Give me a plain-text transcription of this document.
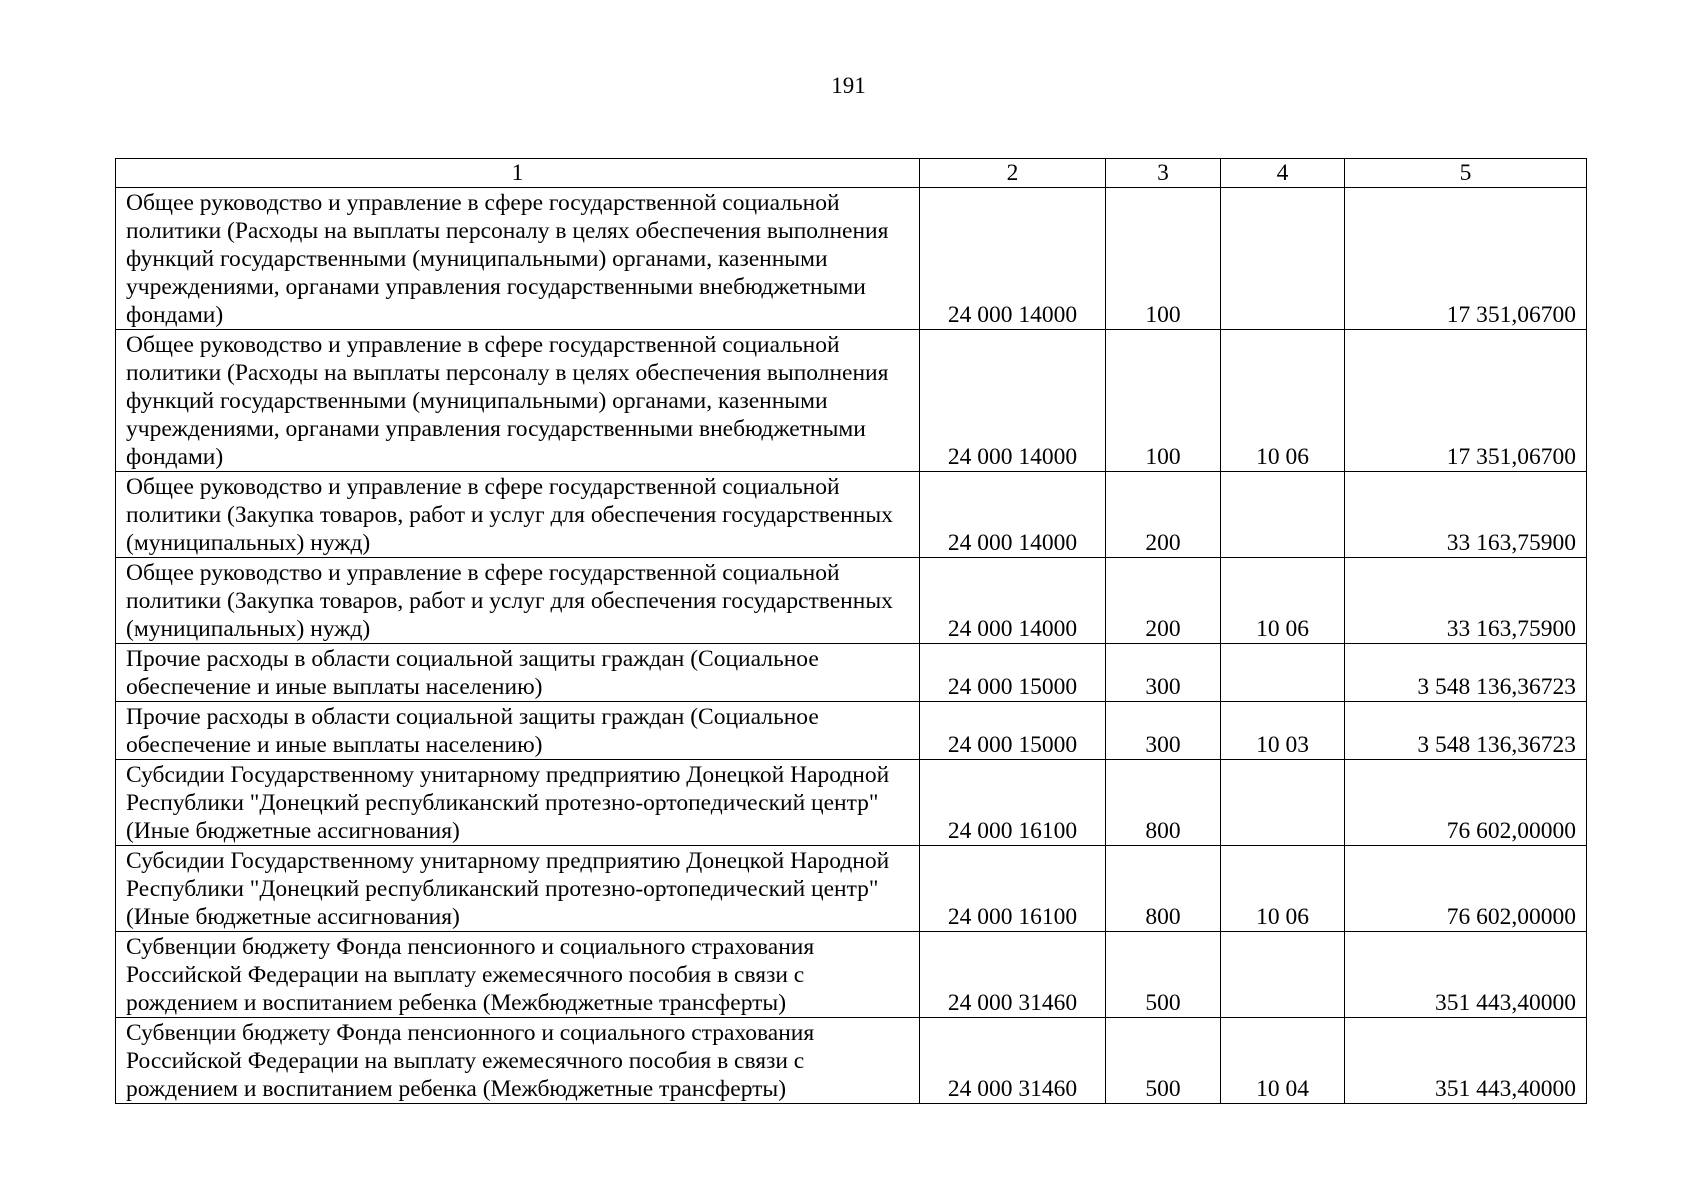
191
1	2	3	4	5
Общее руководство и управление в сфере государственной социальной политики (Расходы на выплаты персоналу в целях обеспечения выполнения функций государственными (муниципальными) органами, казенными учреждениями, органами управления государственными внебюджетными фондами)	24 000 14000	100		17 351,06700
Общее руководство и управление в сфере государственной социальной политики (Расходы на выплаты персоналу в целях обеспечения выполнения функций государственными (муниципальными) органами, казенными учреждениями, органами управления государственными внебюджетными фондами)	24 000 14000	100	10 06	17 351,06700
Общее руководство и управление в сфере государственной социальной политики (Закупка товаров, работ и услуг для обеспечения государственных (муниципальных) нужд)	24 000 14000	200		33 163,75900
Общее руководство и управление в сфере государственной социальной политики (Закупка товаров, работ и услуг для обеспечения государственных (муниципальных) нужд)	24 000 14000	200	10 06	33 163,75900
Прочие расходы в области социальной защиты граждан (Социальное обеспечение и иные выплаты населению)	24 000 15000	300		3 548 136,36723
Прочие расходы в области социальной защиты граждан (Социальное обеспечение и иные выплаты населению)	24 000 15000	300	10 03	3 548 136,36723
Субсидии Государственному унитарному предприятию Донецкой Народной Республики "Донецкий республиканский протезно-ортопедический центр" (Иные бюджетные ассигнования)	24 000 16100	800		76 602,00000
Субсидии Государственному унитарному предприятию Донецкой Народной Республики "Донецкий республиканский протезно-ортопедический центр" (Иные бюджетные ассигнования)	24 000 16100	800	10 06	76 602,00000
Субвенции бюджету Фонда пенсионного и социального страхования Российской Федерации на выплату ежемесячного пособия в связи с рождением и воспитанием ребенка (Межбюджетные трансферты)	24 000 31460	500		351 443,40000
Субвенции бюджету Фонда пенсионного и социального страхования Российской Федерации на выплату ежемесячного пособия в связи с рождением и воспитанием ребенка (Межбюджетные трансферты)	24 000 31460	500	10 04	351 443,40000
